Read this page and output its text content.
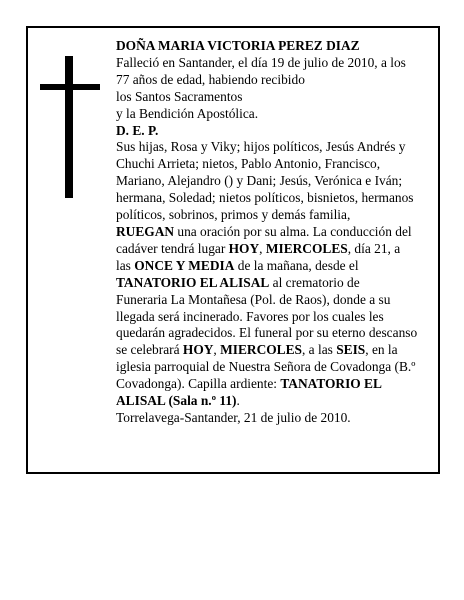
DOÑA MARIA VICTORIA PEREZ DIAZ
Falleció en Santander, el día 19 de julio de 2010, a los
77 años de edad, habiendo recibido
los Santos Sacramentos
y la Bendición Apostólica.
D. E. P.
Sus hijas, Rosa y Viky; hijos políticos, Jesús Andrés y
Chuchi Arrieta; nietos, Pablo Antonio, Francisco,
Mariano, Alejandro () y Dani; Jesús, Verónica e Iván;
hermana, Soledad; nietos políticos, bisnietos, hermanos
políticos, sobrinos, primos y demás familia,
RUEGAN una oración por su alma. La conducción del
cadáver tendrá lugar HOY, MIERCOLES, día 21, a
las ONCE Y MEDIA de la mañana, desde el
TANATORIO EL ALISAL al crematorio de
Funeraria La Montañesa (Pol. de Raos), donde a su
llegada será incinerado. Favores por los cuales les
quedarán agradecidos. El funeral por su eterno descanso
se celebrará HOY, MIERCOLES, a las SEIS, en la
iglesia parroquial de Nuestra Señora de Covadonga (B.º
Covadonga). Capilla ardiente: TANATORIO EL
ALISAL (Sala n.º 11).
Torrelavega-Santander, 21 de julio de 2010.
